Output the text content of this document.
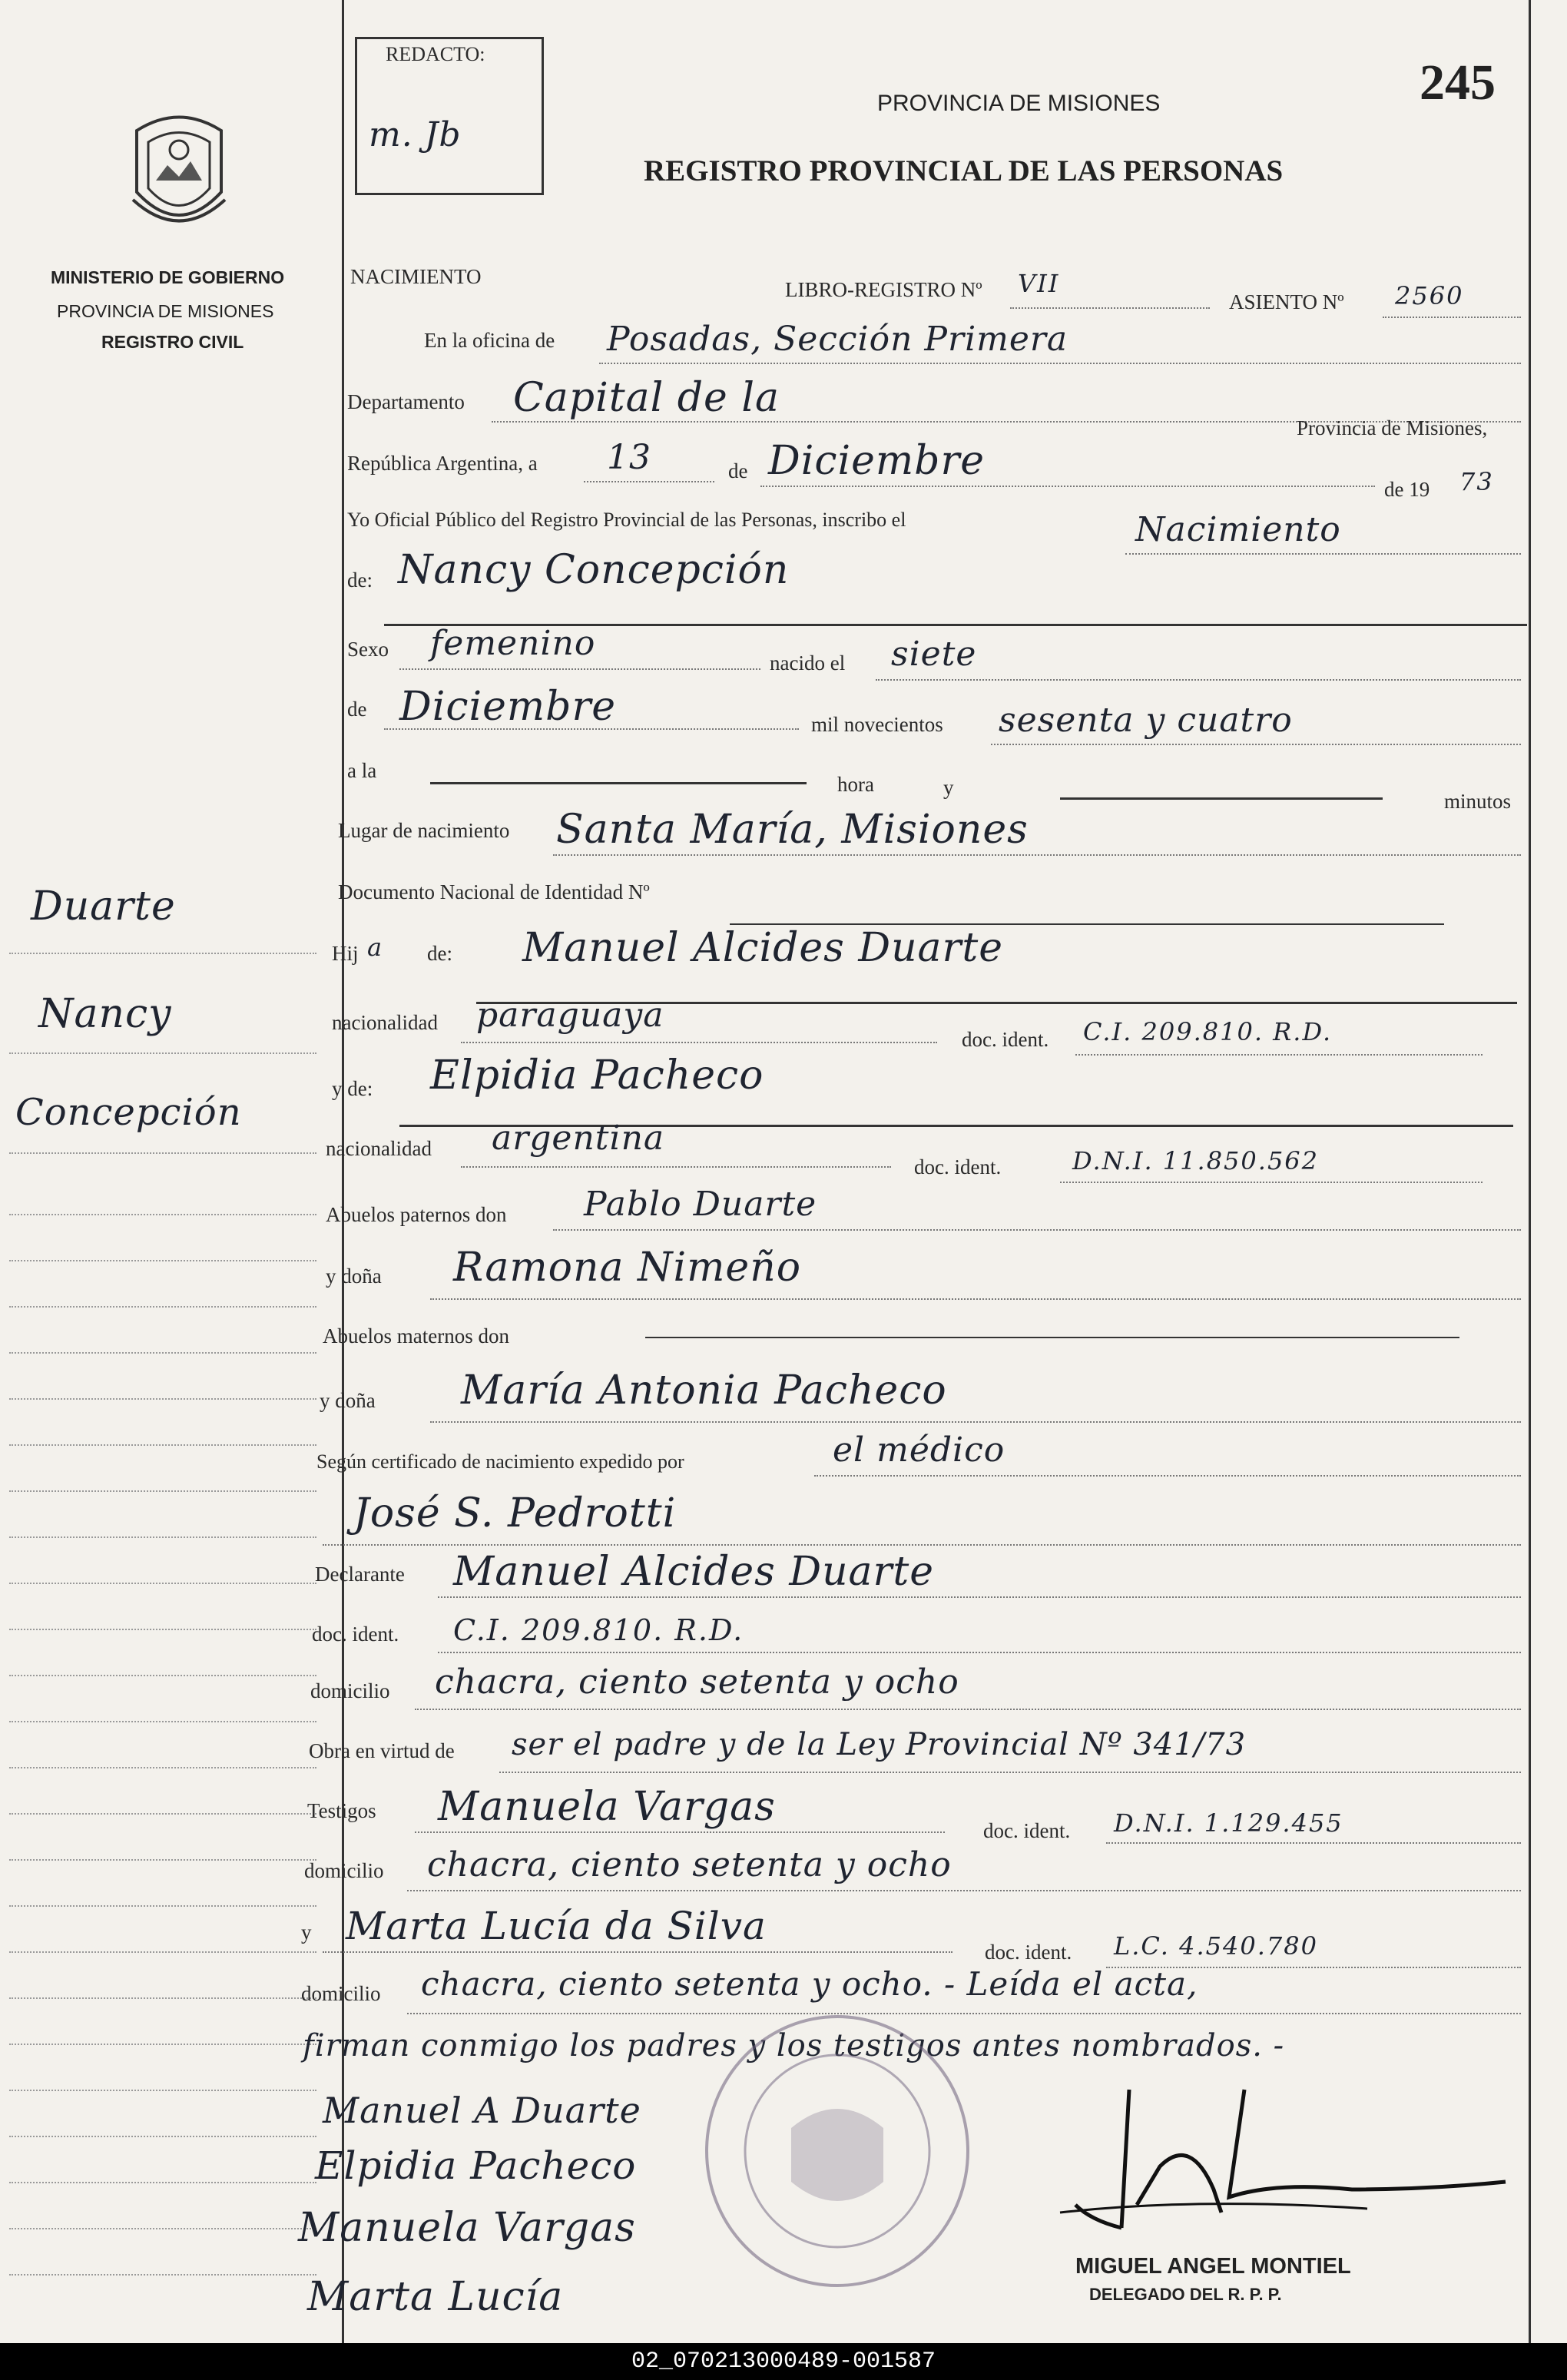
MINISTERIO DE GOBIERNO
PROVINCIA DE MISIONES
REGISTRO CIVIL
Duarte
Nancy
Concepción
REDACTO:
m. Jb
245
PROVINCIA DE MISIONES
REGISTRO PROVINCIAL DE LAS PERSONAS
NACIMIENTO
LIBRO-REGISTRO Nº VII
ASIENTO Nº 2560
En la oficina de Posadas, Sección Primera
Departamento Capital de la
Provincia de Misiones,
República Argentina, a 13	de Diciembre
de 19 73
Yo Oficial Público del Registro Provincial de las Personas, inscribo el	Nacimiento
de: Nancy Concepción
Sexo femenino	nacido el siete
de Diciembre	mil novecientos sesenta y cuatro
a la
hora	y
minutos
Lugar de nacimiento Santa María, Misiones
Documento Nacional de Identidad Nº
Hij a de: Manuel Alcides Duarte
nacionalidad paraguaya
doc. ident. C.I. 209.810. R.D.
y de: Elpidia Pacheco
nacionalidad argentina
doc. ident.	D.N.I. 11.850.562
Abuelos paternos don Pablo Duarte
y doña Ramona Nimeño
Abuelos maternos don
y doña María Antonia Pacheco
Según certificado de nacimiento expedido por	el médico
José S. Pedrotti
Declarante Manuel Alcides Duarte
doc. ident. C.I. 209.810. R.D.
domicilio chacra, ciento setenta y ocho
Obra en virtud de ser el padre y de la Ley Provincial Nº 341/73
Testigos Manuela Vargas
doc. ident. D.N.I. 1.129.455
domicilio chacra, ciento setenta y ocho
y Marta Lucía da Silva
doc. ident. L.C. 4.540.780
domicilio chacra, ciento setenta y ocho. - Leída el acta,
firman conmigo los padres y los testigos antes nombrados. -
Manuel A Duarte
Elpidia Pacheco
Manuela Vargas
Marta Lucía
MIGUEL ANGEL MONTIEL
DELEGADO DEL R. P. P.
02_070213000489-001587
